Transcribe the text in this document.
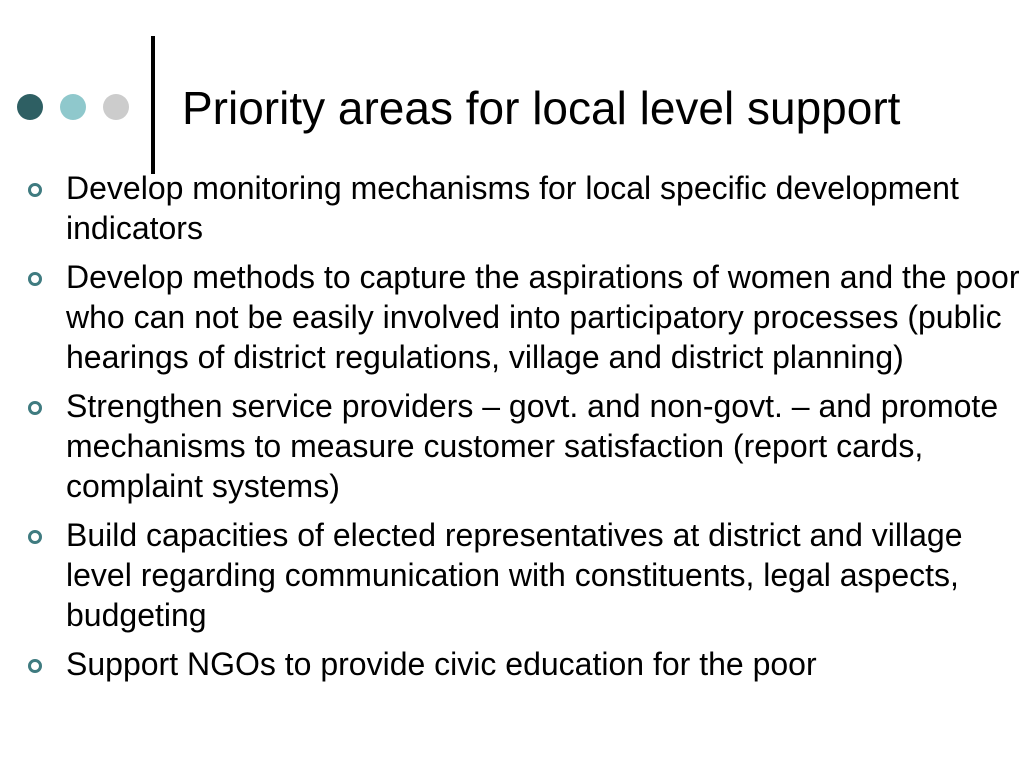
Priority areas for local level support
Develop monitoring mechanisms for local specific development indicators
Develop methods to capture the aspirations of women and the poor who can not be easily involved into participatory processes (public hearings of district regulations, village and district planning)
Strengthen service providers – govt. and non-govt. – and promote mechanisms to measure customer satisfaction (report cards, complaint systems)
Build capacities of elected representatives at district and village level regarding communication with constituents, legal aspects, budgeting
Support NGOs to provide civic education for the poor
